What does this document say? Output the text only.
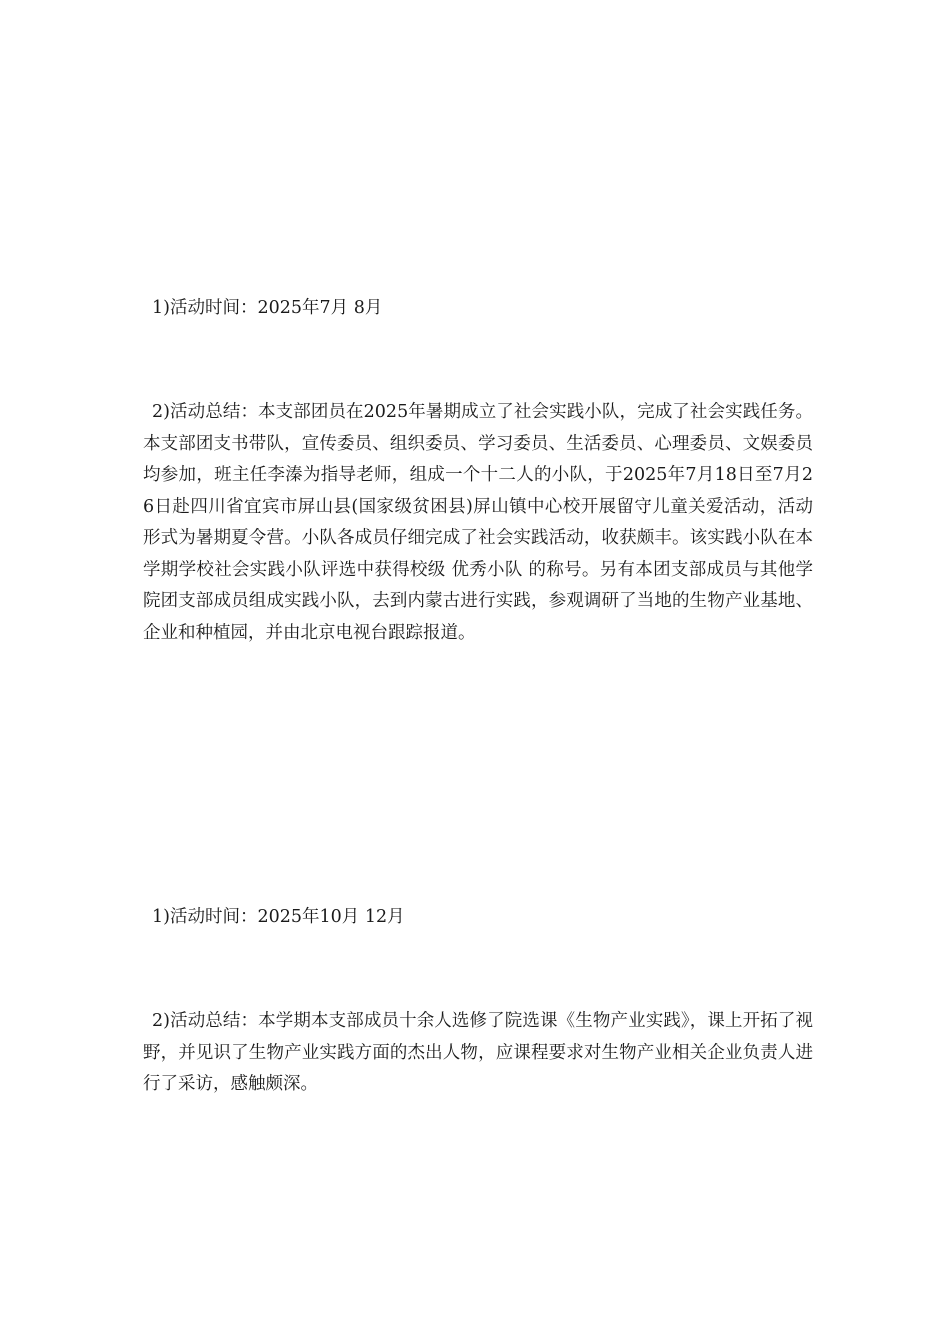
1)活动时间：2025年7月 8月

2)活动总结：本支部团员在2025年暑期成立了社会实践小队，完成了社会实践任务。本支部团支书带队，宣传委员、组织委员、学习委员、生活委员、心理委员、文娱委员均参加，班主任李溱为指导老师，组成一个十二人的小队，于2025年7月18日至7月26日赴四川省宜宾市屏山县(国家级贫困县)屏山镇中心校开展留守儿童关爱活动，活动形式为暑期夏令营。小队各成员仔细完成了社会实践活动，收获颇丰。该实践小队在本学期学校社会实践小队评选中获得校级 优秀小队 的称号。另有本团支部成员与其他学院团支部成员组成实践小队，去到内蒙古进行实践，参观调研了当地的生物产业基地、企业和种植园，并由北京电视台跟踪报道。

1)活动时间：2025年10月 12月

2)活动总结：本学期本支部成员十余人选修了院选课《生物产业实践》，课上开拓了视野，并见识了生物产业实践方面的杰出人物，应课程要求对生物产业相关企业负责人进行了采访，感触颇深。
